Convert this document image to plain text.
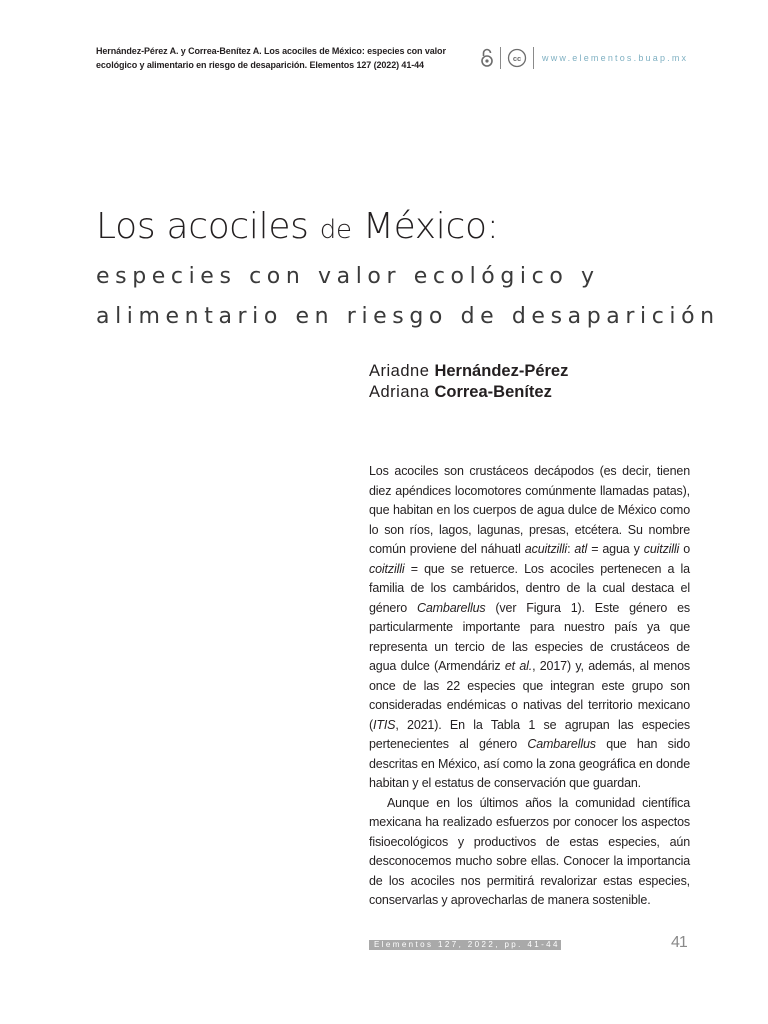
Hernández-Pérez A. y Correa-Benítez A. Los acociles de México: especies con valor ecológico y alimentario en riesgo de desaparición. Elementos 127 (2022) 41-44
cc www.elementos.buap.mx
Los acociles de México:
especies con valor ecológico y
alimentario en riesgo de desaparición
Ariadne Hernández-Pérez
Adriana Correa-Benítez

Los acociles son crustáceos decápodos (es decir, tienen diez apéndices locomotores comúnmente llamadas patas), que habitan en los cuerpos de agua dulce de México como lo son ríos, lagos, lagunas, presas, etcétera. Su nombre común proviene del náhuatl acuitzilli: atl = agua y cuitzilli o coitzilli = que se retuerce. Los acociles pertenecen a la familia de los cambáridos, dentro de la cual destaca el género Cambarellus (ver Figura 1). Este género es particularmente importante para nuestro país ya que representa un tercio de las especies de crustáceos de agua dulce (Armendáriz et al., 2017) y, además, al menos once de las 22 especies que integran este grupo son consideradas endémicas o nativas del territorio mexicano (ITIS, 2021). En la Tabla 1 se agrupan las especies pertenecientes al género Cambarellus que han sido descritas en México, así como la zona geográfica en donde habitan y el estatus de conservación que guardan.

Aunque en los últimos años la comunidad científica mexicana ha realizado esfuerzos por conocer los aspectos fisioecológicos y productivos de estas especies, aún desconocemos mucho sobre ellas. Conocer la importancia de los acociles nos permitirá revalorizar estas especies, conservarlas y aprovecharlas de manera sostenible.

Elementos 127, 2022, pp. 41-44	41
